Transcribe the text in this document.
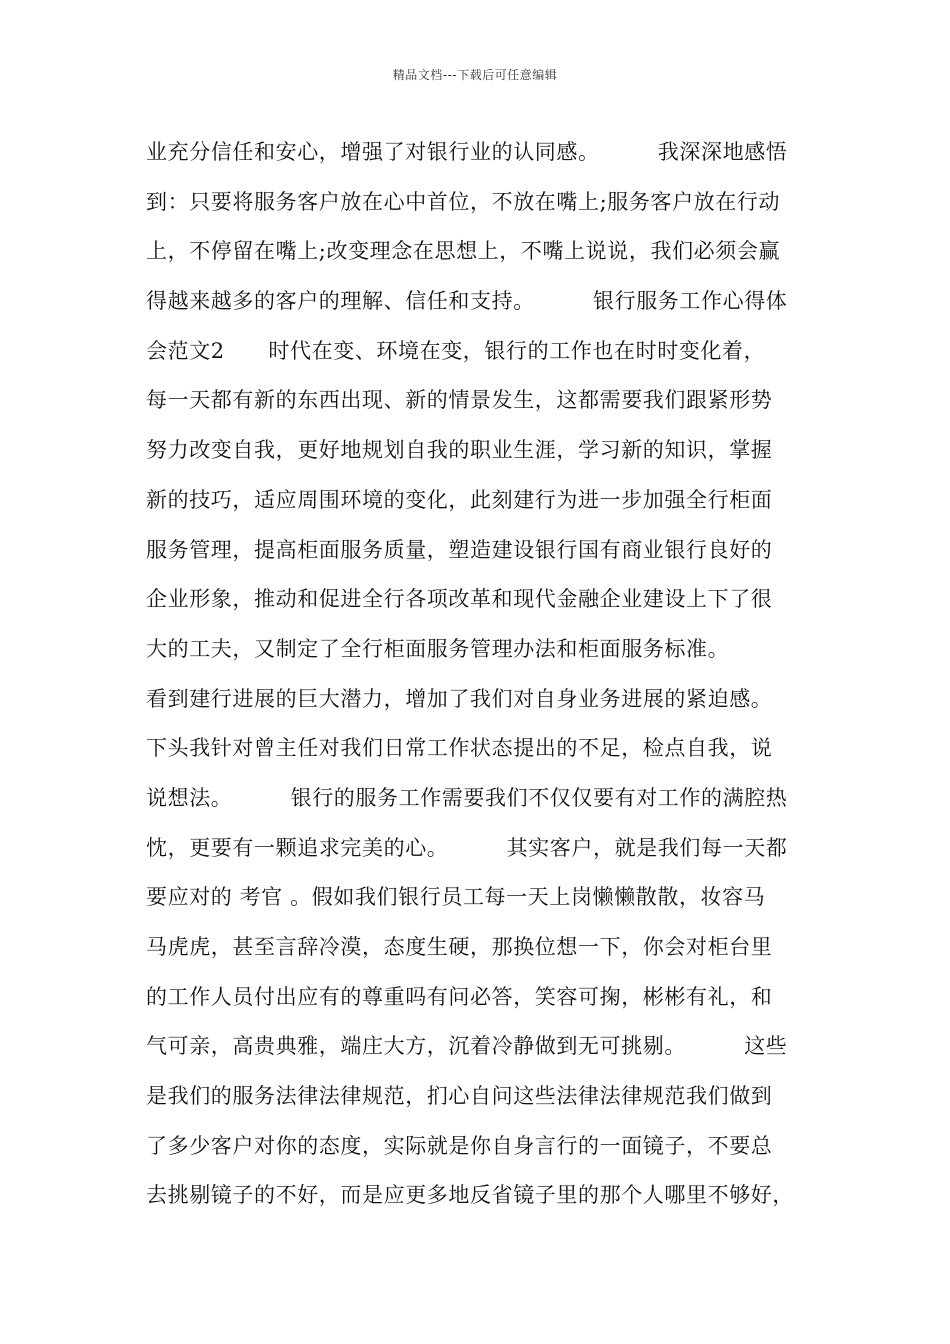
精品文档---下载后可任意编辑
业充分信任和安心，增强了对银行业的认同感。        我深深地感悟
到：只要将服务客户放在心中首位，不放在嘴上;服务客户放在行动
上，不停留在嘴上;改变理念在思想上，不嘴上说说，我们必须会赢
得越来越多的客户的理解、信任和支持。        银行服务工作心得体
会范文2      时代在变、环境在变，银行的工作也在时时变化着，
每一天都有新的东西出现、新的情景发生，这都需要我们跟紧形势
努力改变自我，更好地规划自我的职业生涯，学习新的知识，掌握
新的技巧，适应周围环境的变化，此刻建行为进一步加强全行柜面
服务管理，提高柜面服务质量，塑造建设银行国有商业银行良好的
企业形象，推动和促进全行各项改革和现代金融企业建设上下了很
大的工夫，又制定了全行柜面服务管理办法和柜面服务标准。
看到建行进展的巨大潜力，增加了我们对自身业务进展的紧迫感。
下头我针对曾主任对我们日常工作状态提出的不足，检点自我，说
说想法。        银行的服务工作需要我们不仅仅要有对工作的满腔热
忱，更要有一颗追求完美的心。        其实客户，就是我们每一天都
要应对的 考官 。假如我们银行员工每一天上岗懒懒散散，妆容马
马虎虎，甚至言辞冷漠，态度生硬，那换位想一下，你会对柜台里
的工作人员付出应有的尊重吗有问必答，笑容可掬，彬彬有礼，和
气可亲，高贵典雅，端庄大方，沉着冷静做到无可挑剔。        这些
是我们的服务法律法律规范，扪心自问这些法律法律规范我们做到
了多少客户对你的态度，实际就是你自身言行的一面镜子，不要总
去挑剔镜子的不好，而是应更多地反省镜子里的那个人哪里不够好，
